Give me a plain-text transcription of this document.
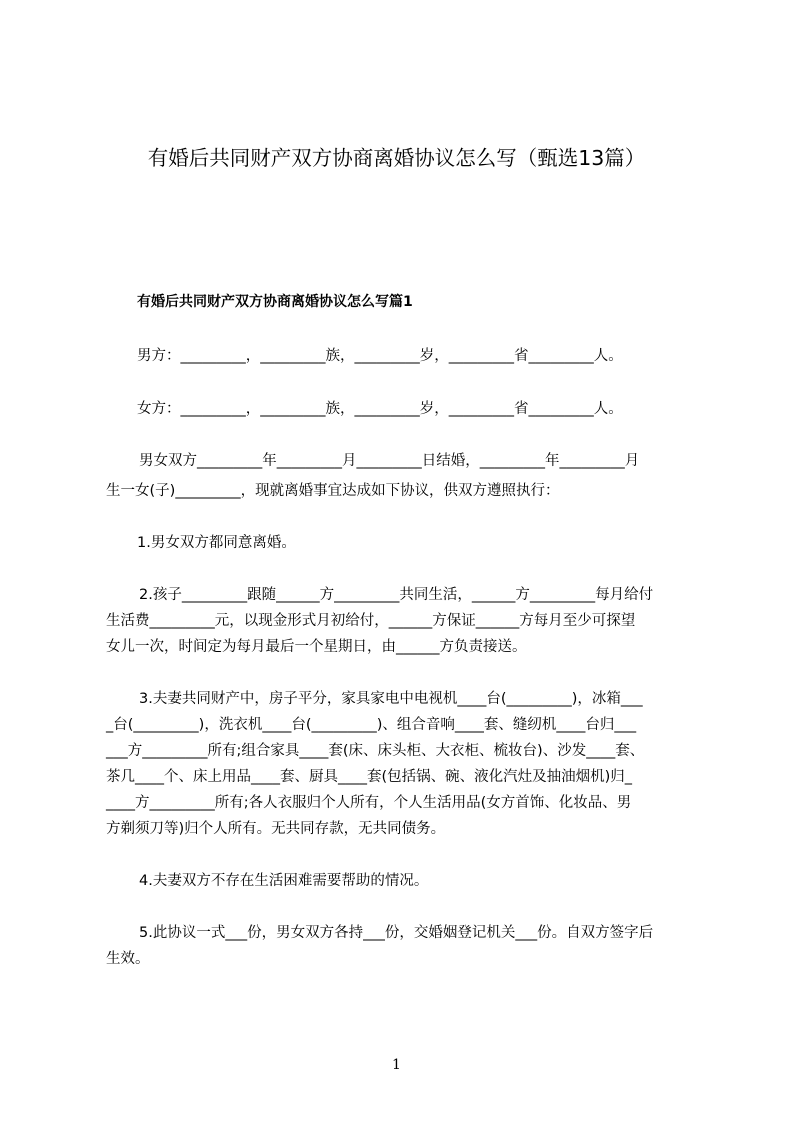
有婚后共同财产双方协商离婚协议怎么写（甄选13篇）
有婚后共同财产双方协商离婚协议怎么写篇1
男方：_________，_________族，_________岁，_________省_________人。
女方：_________，_________族，_________岁，_________省_________人。
男女双方_________年_________月_________日结婚，_________年_________月
生一女(子)_________，现就离婚事宜达成如下协议，供双方遵照执行：
1.男女双方都同意离婚。
2.孩子_________跟随______方_________共同生活，______方_________每月给付
生活费_________元，以现金形式月初给付，______方保证______方每月至少可探望
女儿一次，时间定为每月最后一个星期日，由______方负责接送。
3.夫妻共同财产中，房子平分，家具家电中电视机____台(_________)，冰箱___
_台(_________)，洗衣机____台(_________)、组合音响____套、缝纫机____台归___
___方_________所有;组合家具____套(床、床头柜、大衣柜、梳妆台)、沙发____套、
茶几____个、床上用品____套、厨具____套(包括锅、碗、液化汽灶及抽油烟机)归_
____方_________所有;各人衣服归个人所有，个人生活用品(女方首饰、化妆品、男
方剃须刀等)归个人所有。无共同存款，无共同债务。
4.夫妻双方不存在生活困难需要帮助的情况。
5.此协议一式___份，男女双方各持___份，交婚姻登记机关___份。自双方签字后
生效。
1
